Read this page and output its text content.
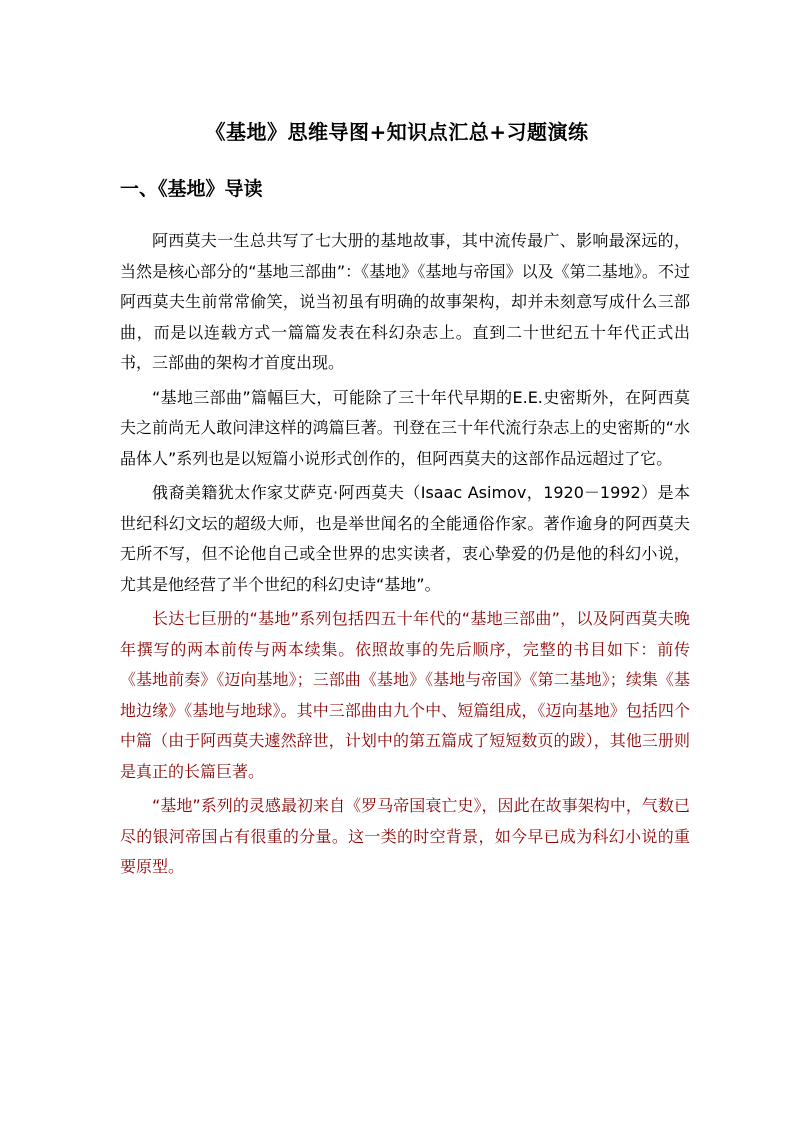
《基地》思维导图+知识点汇总+习题演练
一、《基地》导读

阿西莫夫一生总共写了七大册的基地故事，其中流传最广、影响最深远的，当然是核心部分的“基地三部曲”：《基地》《基地与帝国》以及《第二基地》。不过阿西莫夫生前常常偷笑，说当初虽有明确的故事架构，却并未刻意写成什么三部曲，而是以连载方式一篇篇发表在科幻杂志上。直到二十世纪五十年代正式出书，三部曲的架构才首度出现。

“基地三部曲”篇幅巨大，可能除了三十年代早期的E.E.史密斯外，在阿西莫夫之前尚无人敢问津这样的鸿篇巨著。刊登在三十年代流行杂志上的史密斯的“水晶体人”系列也是以短篇小说形式创作的，但阿西莫夫的这部作品远超过了它。

俄裔美籍犹太作家艾萨克·阿西莫夫（Isaac Asimov，1920－1992）是本世纪科幻文坛的超级大师，也是举世闻名的全能通俗作家。著作逾身的阿西莫夫无所不写，但不论他自己或全世界的忠实读者，衷心挚爱的仍是他的科幻小说，尤其是他经营了半个世纪的科幻史诗“基地”。

长达七巨册的“基地”系列包括四五十年代的“基地三部曲”，以及阿西莫夫晚年撰写的两本前传与两本续集。依照故事的先后顺序，完整的书目如下：前传《基地前奏》《迈向基地》；三部曲《基地》《基地与帝国》《第二基地》；续集《基地边缘》《基地与地球》。其中三部曲由九个中、短篇组成，《迈向基地》包括四个中篇（由于阿西莫夫遽然辞世，计划中的第五篇成了短短数页的跋），其他三册则是真正的长篇巨著。

“基地”系列的灵感最初来自《罗马帝国衰亡史》，因此在故事架构中，气数已尽的银河帝国占有很重的分量。这一类的时空背景，如今早已成为科幻小说的重要原型。
